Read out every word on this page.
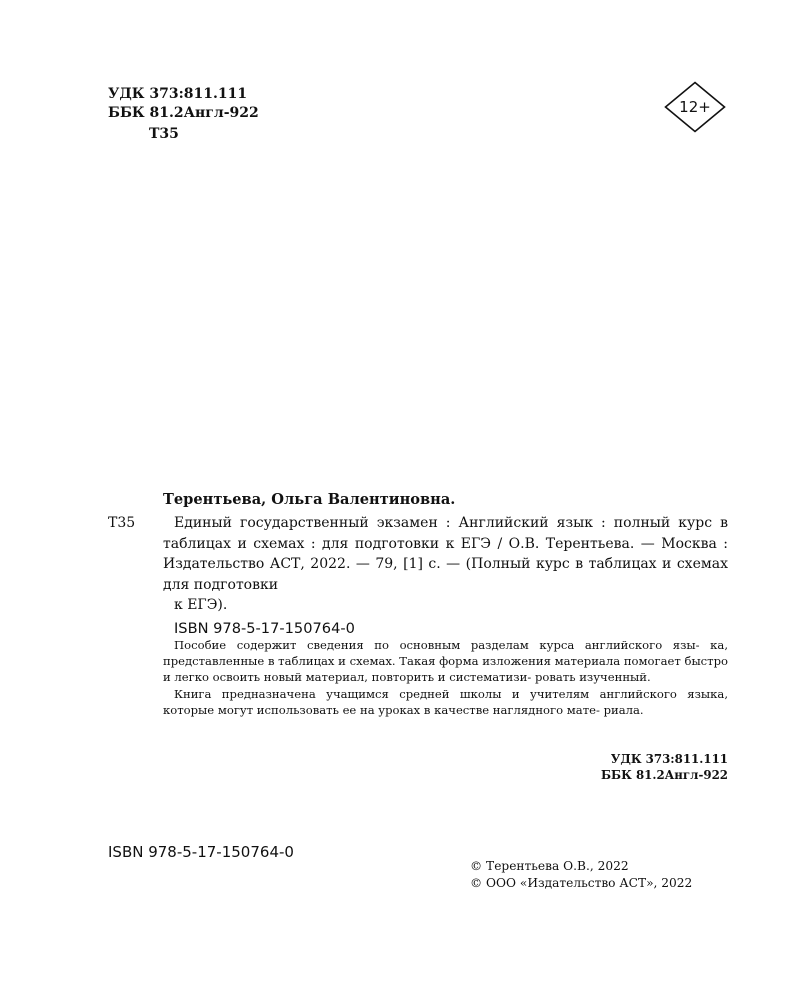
УДК 373:811.111
ББК 81.2Англ-922
Т35
12+
Т35
Терентьева, Ольга Валентиновна.

Единый государственный экзамен : Английский язык : полный курс в таблицах и схемах : для подготовки к ЕГЭ / О.В. Терентьева. — Москва : Издательство АСТ, 2022. — 79, [1] с. — (Полный курс в таблицах и схемах для подготовки
к ЕГЭ).

ISBN 978-5-17-150764-0

Пособие содержит сведения по основным разделам курса английского язы- ка, представленные в таблицах и схемах. Такая форма изложения материала помогает быстро и легко освоить новый материал, повторить и систематизи- ровать изученный.

Книга предназначена учащимся средней школы и учителям английского языка, которые могут использовать ее на уроках в качестве наглядного мате- риала.

УДК 373:811.111
ББК 81.2Англ-922
ISBN 978-5-17-150764-0
© Терентьева О.В., 2022
© ООО «Издательство АСТ», 2022
